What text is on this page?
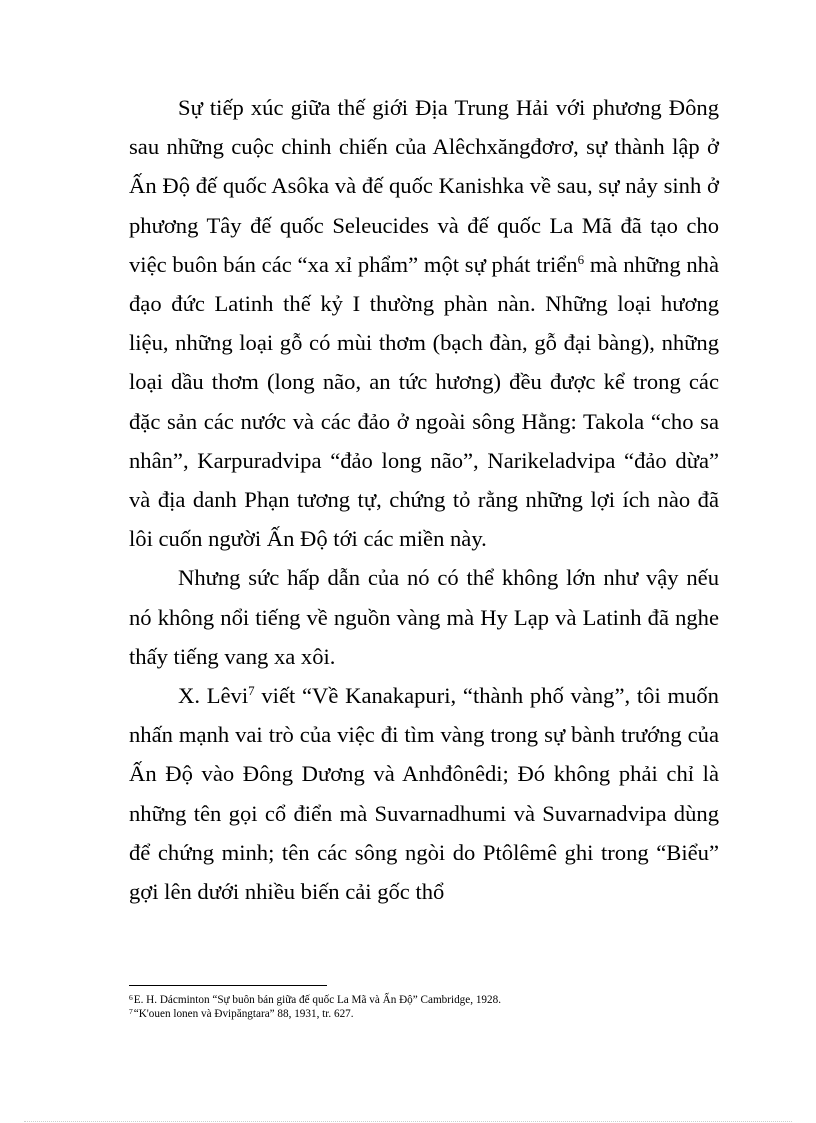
Sự tiếp xúc giữa thế giới Địa Trung Hải với phương Đông sau những cuộc chinh chiến của Alêchxăngđơrơ, sự thành lập ở Ấn Độ đế quốc Asôka và đế quốc Kanishka về sau, sự nảy sinh ở phương Tây đế quốc Seleucides và đế quốc La Mã đã tạo cho việc buôn bán các “xa xỉ phẩm” một sự phát triển$^6$ mà những nhà đạo đức Latinh thế kỷ I thường phàn nàn. Những loại hương liệu, những loại gỗ có mùi thơm (bạch đàn, gỗ đại bàng), những loại dầu thơm (long não, an tức hương) đều được kể trong các đặc sản các nước và các đảo ở ngoài sông Hằng: Takola “cho sa nhân”, Karpuradvipa “đảo long não”, Narikeladvipa “đảo dừa” và địa danh Phạn tương tự, chứng tỏ rằng những lợi ích nào đã lôi cuốn người Ấn Độ tới các miền này.

Nhưng sức hấp dẫn của nó có thể không lớn như vậy nếu nó không nổi tiếng về nguồn vàng mà Hy Lạp và Latinh đã nghe thấy tiếng vang xa xôi.

X. Lêvi$^7$ viết “Về Kanakapuri, “thành phố vàng”, tôi muốn nhấn mạnh vai trò của việc đi tìm vàng trong sự bành trướng của Ấn Độ vào Đông Dương và Anhđônêdi; Đó không phải chỉ là những tên gọi cổ điển mà Suvarnadhumi và Suvarnadvipa dùng để chứng minh; tên các sông ngòi do Ptôlêmê ghi trong “Biểu” gợi lên dưới nhiều biến cải gốc thổ

$^6$E. H. Dácminton “Sự buôn bán giữa đế quốc La Mã và Ấn Độ” Cambridge, 1928.
$^7$“K'ouen lonen và Đvipăngtara” 88, 1931, tr. 627.
